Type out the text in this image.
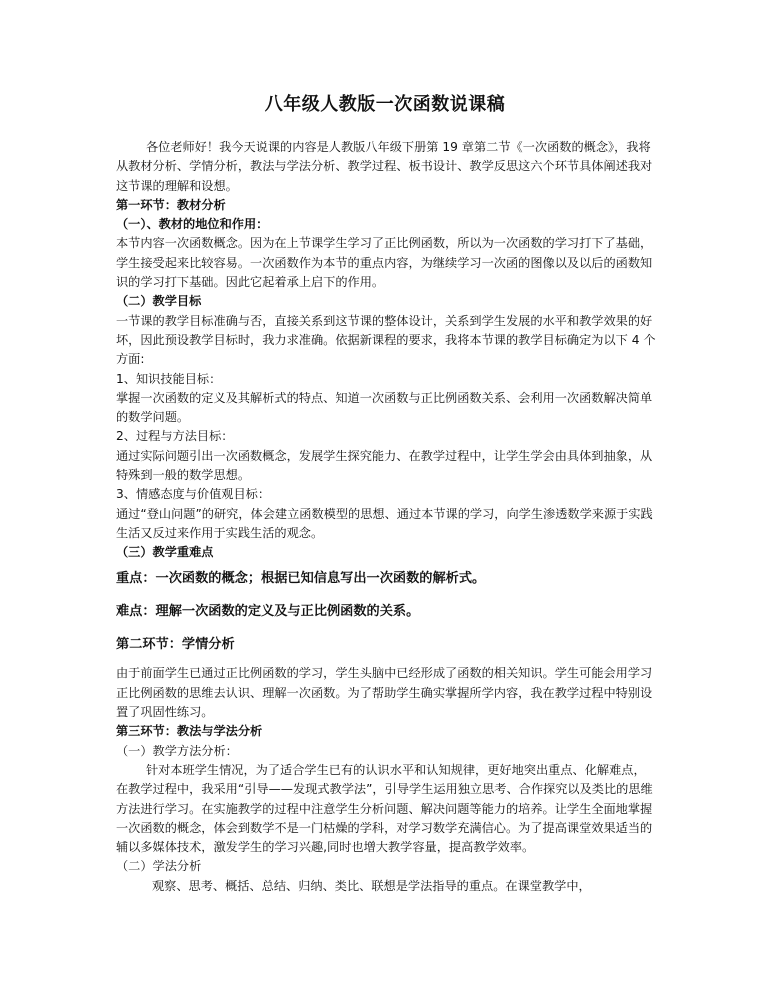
八年级人教版一次函数说课稿

各位老师好！我今天说课的内容是人教版八年级下册第 19 章第二节《一次函数的概念》，我将从教材分析、学情分析，教法与学法分析、教学过程、板书设计、教学反思这六个环节具体阐述我对这节课的理解和设想。

第一环节：教材分析

（一）、教材的地位和作用：

本节内容一次函数概念。因为在上节课学生学习了正比例函数，所以为一次函数的学习打下了基础，学生接受起来比较容易。一次函数作为本节的重点内容，为继续学习一次函的图像以及以后的函数知识的学习打下基础。因此它起着承上启下的作用。

（二）教学目标

一节课的教学目标准确与否，直接关系到这节课的整体设计，关系到学生发展的水平和教学效果的好坏，因此预设教学目标时，我力求准确。依据新课程的要求，我将本节课的教学目标确定为以下 4 个方面:

1、知识技能目标：

掌握一次函数的定义及其解析式的特点、知道一次函数与正比例函数关系、会利用一次函数解决简单的数学问题。

2、过程与方法目标：

通过实际问题引出一次函数概念，发展学生探究能力、在教学过程中，让学生学会由具体到抽象，从特殊到一般的数学思想。

3、情感态度与价值观目标：

通过“登山问题”的研究，体会建立函数模型的思想、通过本节课的学习，向学生渗透数学来源于实践生活又反过来作用于实践生活的观念。

（三）教学重难点

重点：一次函数的概念；根据已知信息写出一次函数的解析式。

难点：理解一次函数的定义及与正比例函数的关系。

第二环节：学情分析

由于前面学生已通过正比例函数的学习，学生头脑中已经形成了函数的相关知识。学生可能会用学习正比例函数的思维去认识、理解一次函数。为了帮助学生确实掌握所学内容，我在教学过程中特别设置了巩固性练习。

第三环节：教法与学法分析

（一）教学方法分析：

针对本班学生情况，为了适合学生已有的认识水平和认知规律，更好地突出重点、化解难点，在教学过程中，我采用“引导——发现式教学法”，引导学生运用独立思考、合作探究以及类比的思维方法进行学习。在实施教学的过程中注意学生分析问题、解决问题等能力的培养。让学生全面地掌握一次函数的概念，体会到数学不是一门枯燥的学科，对学习数学充满信心。为了提高课堂效果适当的辅以多媒体技术，激发学生的学习兴趣,同时也增大教学容量，提高教学效率。

（二）学法分析

观察、思考、概括、总结、归纳、类比、联想是学法指导的重点。在课堂教学中，
